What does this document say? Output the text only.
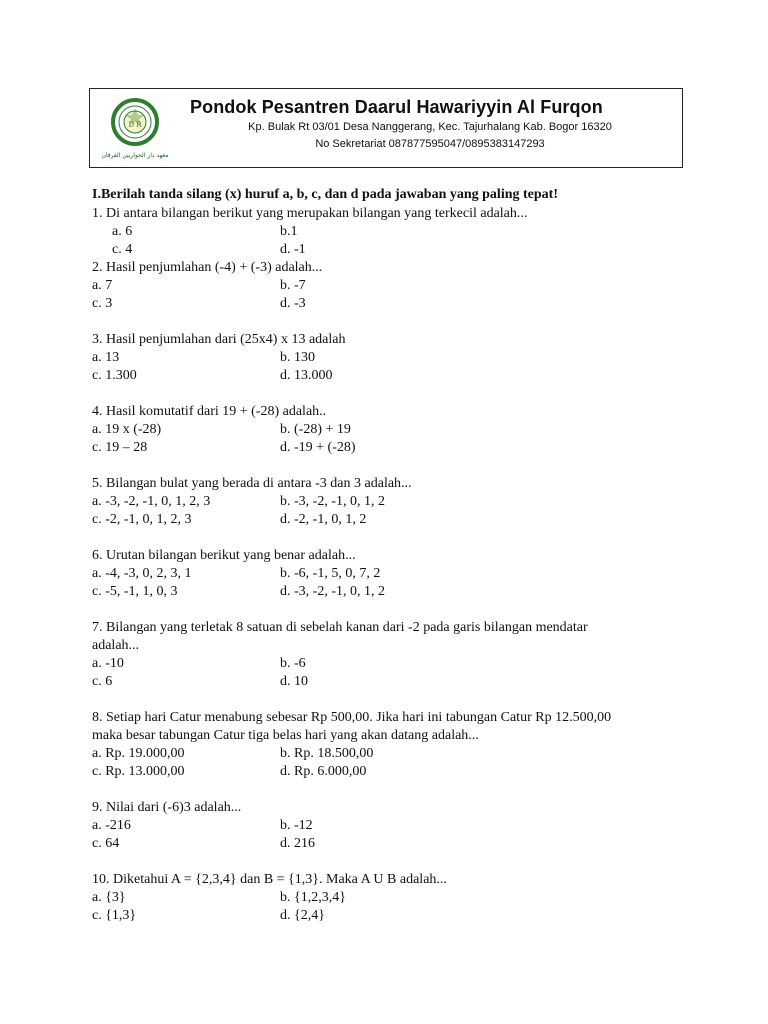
D R
معهد دار الحواريين الفرقان
Pondok Pesantren Daarul Hawariyyin Al Furqon
Kp. Bulak Rt 03/01 Desa Nanggerang, Kec. Tajurhalang Kab. Bogor 16320
No Sekretariat 087877595047/0895383147293
I.Berilah tanda silang (x) huruf a, b, c, dan d pada jawaban yang paling tepat!
1. Di antara bilangan berikut yang merupakan bilangan yang terkecil adalah...
a. 6	b.1
c. 4	d. -1
2. Hasil penjumlahan (-4) + (-3) adalah...
a. 7	b. -7
c. 3	d. -3
3. Hasil penjumlahan dari (25x4) x 13 adalah
a. 13	b. 130
c. 1.300	d. 13.000
4. Hasil komutatif dari 19 + (-28) adalah..
a. 19 x (-28)	b. (-28) + 19
c. 19 – 28	d. -19 + (-28)
5. Bilangan bulat yang berada di antara -3 dan 3 adalah...
a. -3, -2, -1, 0, 1, 2, 3	b. -3, -2, -1, 0, 1, 2
c. -2, -1, 0, 1, 2, 3	d. -2, -1, 0, 1, 2
6. Urutan bilangan berikut yang benar adalah...
a. -4, -3, 0, 2, 3, 1	b. -6, -1, 5, 0, 7, 2
c. -5, -1, 1, 0, 3	d. -3, -2, -1, 0, 1, 2
7. Bilangan yang terletak 8 satuan di sebelah kanan dari -2 pada garis bilangan mendatar
adalah...
a. -10	b. -6
c. 6	d. 10
8. Setiap hari Catur menabung sebesar Rp 500,00. Jika hari ini tabungan Catur Rp 12.500,00
maka besar tabungan Catur tiga belas hari yang akan datang adalah...
a. Rp. 19.000,00	b. Rp. 18.500,00
c. Rp. 13.000,00	d. Rp. 6.000,00
9. Nilai dari (-6)3 adalah...
a. -216	b. -12
c. 64	d. 216
10. Diketahui A = {2,3,4} dan B = {1,3}. Maka A U B adalah...
a. {3}	b. {1,2,3,4}
c. {1,3}	d. {2,4}
